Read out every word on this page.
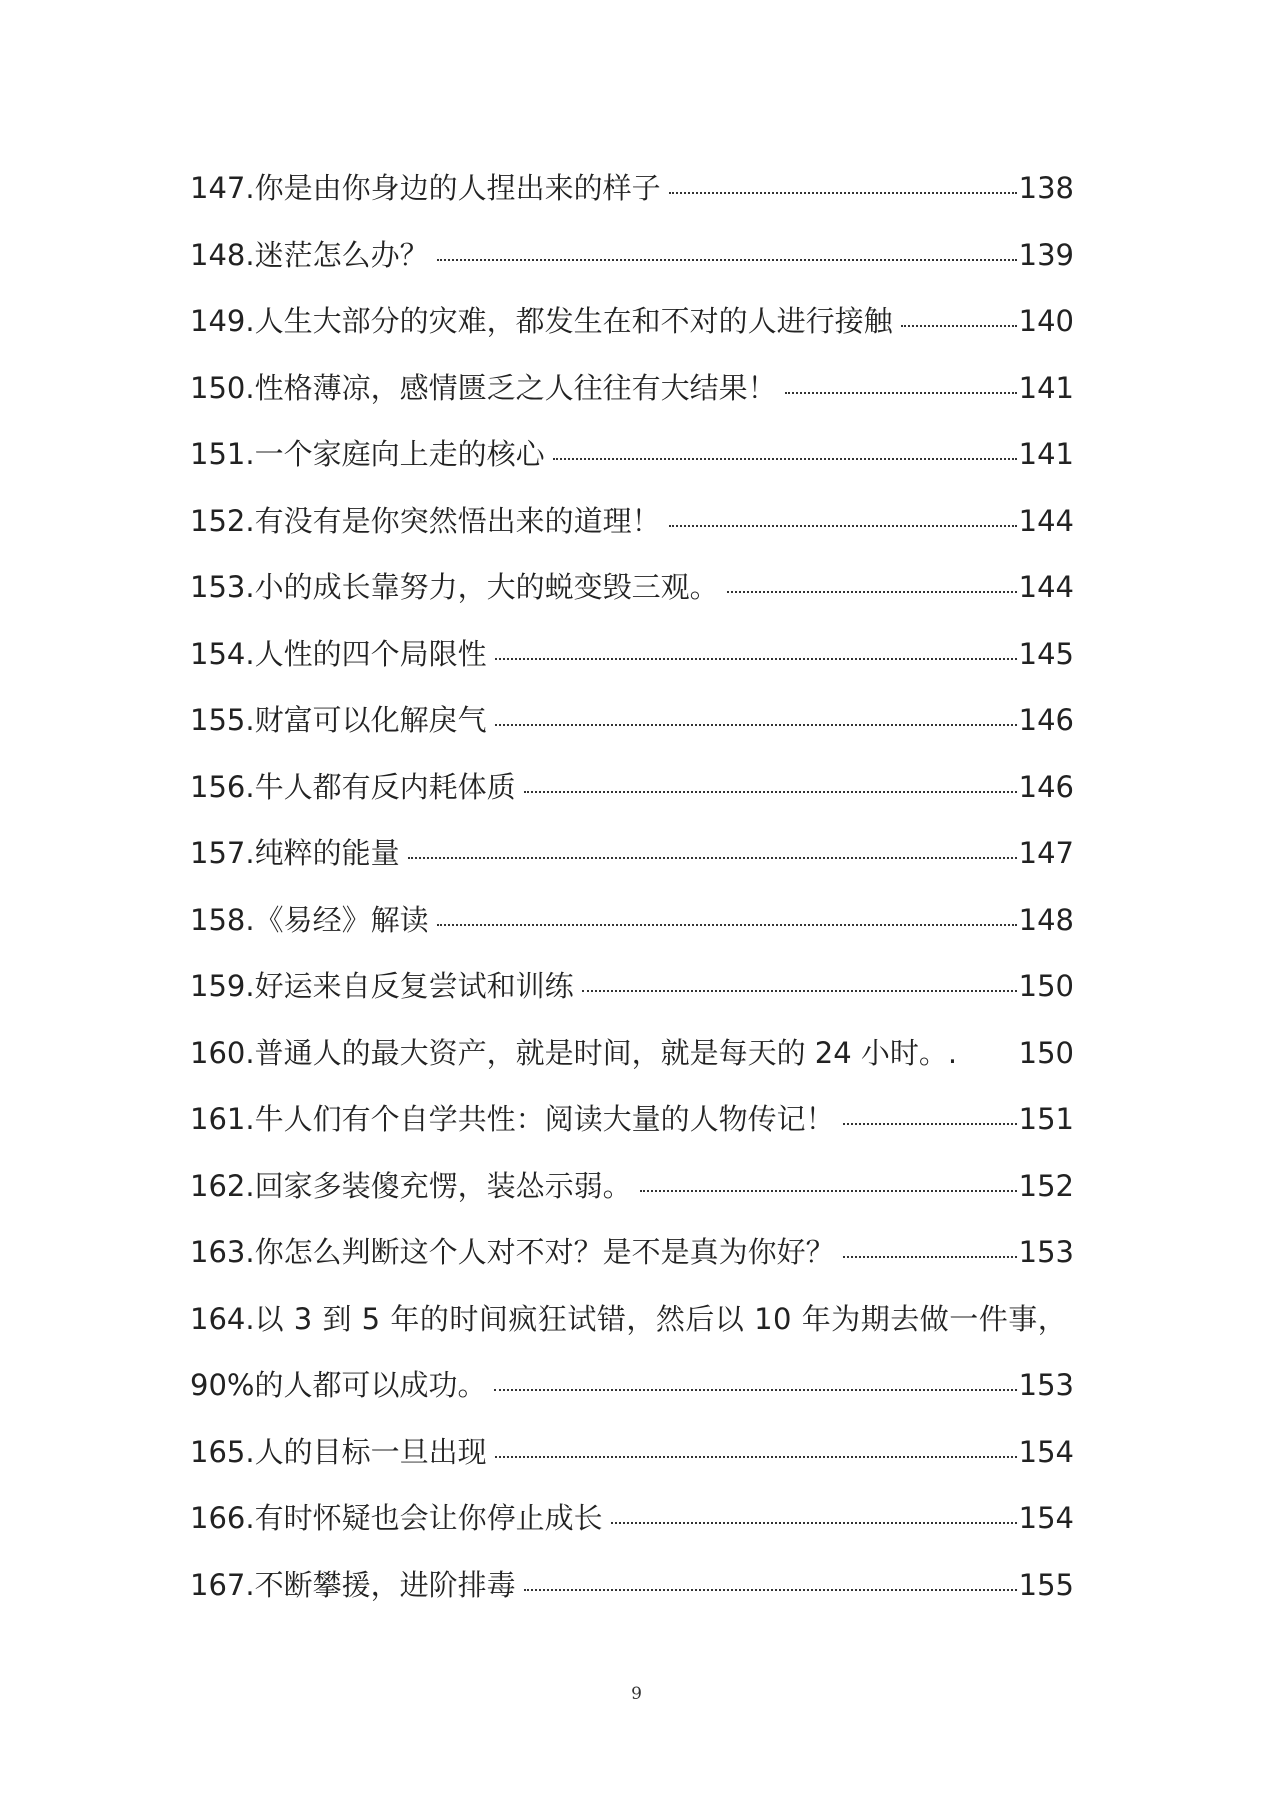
147. 你是由你身边的人捏出来的样子	138
148. 迷茫怎么办？	139
149. 人生大部分的灾难，都发生在和不对的人进行接触	140
150. 性格薄凉，感情匮乏之人往往有大结果！	141
151. 一个家庭向上走的核心	141
152. 有没有是你突然悟出来的道理！	144
153. 小的成长靠努力，大的蜕变毁三观。	144
154. 人性的四个局限性	145
155. 财富可以化解戾气	146
156. 牛人都有反内耗体质	146
157. 纯粹的能量	147
158. 《易经》解读	148
159. 好运来自反复尝试和训练	150
160. 普通人的最大资产，就是时间，就是每天的 24 小时。. 150
161. 牛人们有个自学共性：阅读大量的人物传记！	151
162. 回家多装傻充愣，装怂示弱。	152
163. 你怎么判断这个人对不对？是不是真为你好？	153
164. 以 3 到 5 年的时间疯狂试错，然后以 10 年为期去做一件事，
90%的人都可以成功。	153
165. 人的目标一旦出现	154
166. 有时怀疑也会让你停止成长	154
167. 不断攀援，进阶排毒	155
9
